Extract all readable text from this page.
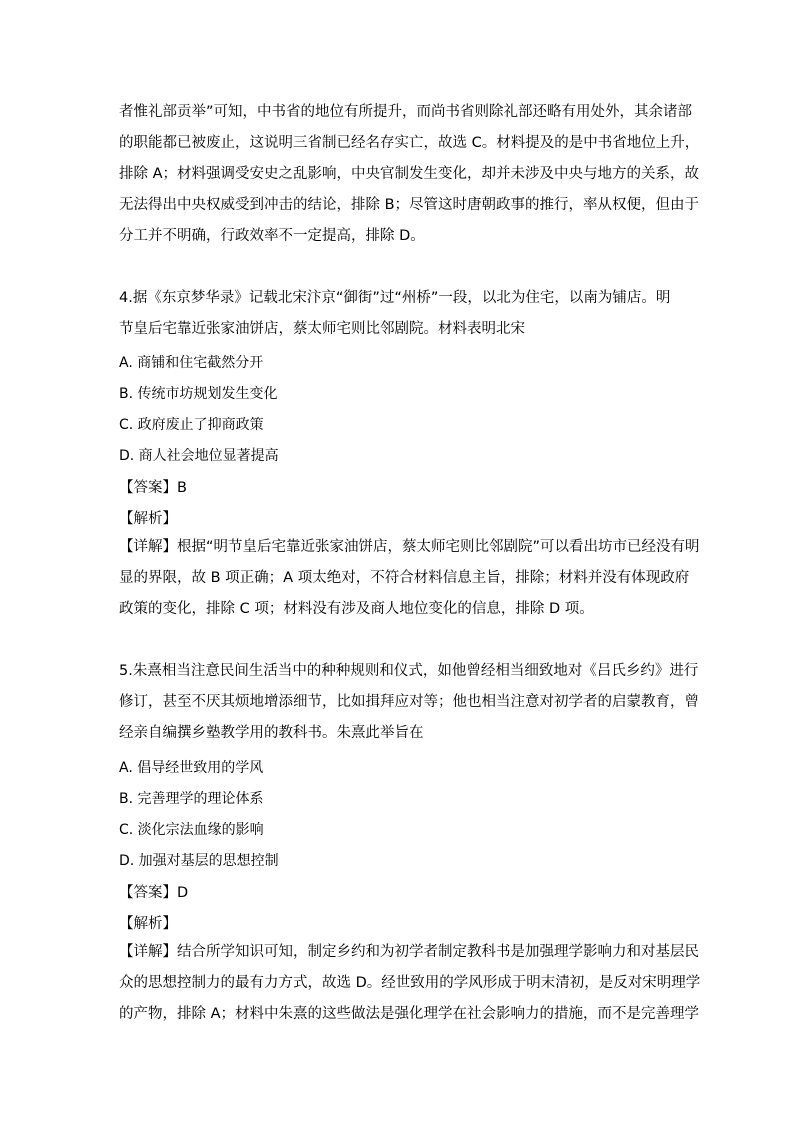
者惟礼部贡举”可知，中书省的地位有所提升，而尚书省则除礼部还略有用处外，其余诸部
的职能都已被废止，这说明三省制已经名存实亡，故选 C。材料提及的是中书省地位上升，
排除 A；材料强调受安史之乱影响，中央官制发生变化，却并未涉及中央与地方的关系，故
无法得出中央权威受到冲击的结论，排除 B；尽管这时唐朝政事的推行，率从权便，但由于
分工并不明确，行政效率不一定提高，排除 D。
4.据《东京梦华录》记载北宋汴京“御街”过“州桥”一段，以北为住宅，以南为铺店。明
节皇后宅靠近张家油饼店，蔡太师宅则比邻剧院。材料表明北宋
A. 商铺和住宅截然分开
B. 传统市坊规划发生变化
C. 政府废止了抑商政策
D. 商人社会地位显著提高
【答案】B
【解析】
【详解】根据“明节皇后宅靠近张家油饼店，蔡太师宅则比邻剧院”可以看出坊市已经没有明
显的界限，故 B 项正确；A 项太绝对，不符合材料信息主旨，排除；材料并没有体现政府
政策的变化，排除 C 项；材料没有涉及商人地位变化的信息，排除 D 项。
5.朱熹相当注意民间生活当中的种种规则和仪式，如他曾经相当细致地对《吕氏乡约》进行
修订，甚至不厌其烦地增添细节，比如揖拜应对等；他也相当注意对初学者的启蒙教育，曾
经亲自编撰乡塾教学用的教科书。朱熹此举旨在
A. 倡导经世致用的学风
B. 完善理学的理论体系
C. 淡化宗法血缘的影响
D. 加强对基层的思想控制
【答案】D
【解析】
【详解】结合所学知识可知，制定乡约和为初学者制定教科书是加强理学影响力和对基层民
众的思想控制力的最有力方式，故选 D。经世致用的学风形成于明末清初，是反对宋明理学
的产物，排除 A；材料中朱熹的这些做法是强化理学在社会影响力的措施，而不是完善理学
